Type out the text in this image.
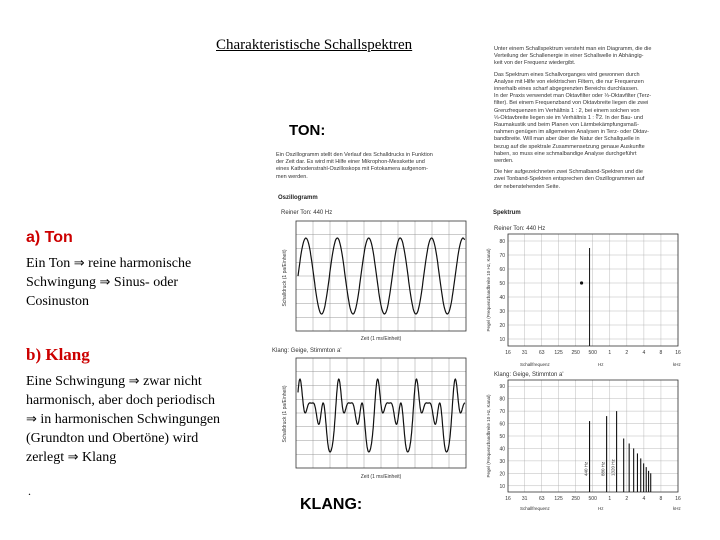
Charakteristische Schallspektren	Unter einem Schallspektrum versteht man ein Diagramm, die die
Verteilung der Schallenergie in einer Schallwelle in Abhängig-
keit von der Frequenz wiedergibt.
Das Spektrum eines Schallvorganges wird gewonnen durch
Analyse mit Hilfe von elektrischen Filtern, die nur Frequenzen
innerhalb eines scharf abgegrenzten Bereichs durchlassen.
In der Praxis verwendet man Oktavfilter oder ⅓-Oktavfilter (Terz-
filter). Bei einem Frequenzband von Oktavbreite liegen die zwei
Grenzfrequenzen im Verhältnis 1 : 2, bei einem solchen von
⅓-Oktavbreite liegen sie im Verhältnis 1 : ∛2. In der Bau- und
Raumakustik und beim Planen von Lärmbekämpfungsmaß-
nahmen genügen im allgemeinen Analysen in Terz- oder Oktav-
bandbreite. Will man aber über die Natur der Schallquelle in
bezug auf die spektrale Zusammensetzung genaue Auskunfte
haben, so muss eine schmalbandige Analyse durchgeführt
werden.
Die hier aufgezeichneten zwei Schmalband-Spektren und die
zwei Tonband-Spektren entsprechen den Oszillogrammen auf
der nebenstehenden Seite.
TON:
Ein Oszillogramm stellt den Verlauf des Schalldrucks in Funktion
der Zeit dar. Es wird mit Hilfe einer Mikrophon-Messkette und
eines Kathodenstrahl-Oszilloskops mit Fotokamera aufgenom-
men werden.
Oszillogramm
Reiner Ton: 440 Hz	Spektrum
Reiner Ton: 440 Hz
Schalldruck (1 pa/Einheit)
Zeit (1 ms/Einheit)
80
70
60
50
40
30
20
10
16 31 63 125 250 500 1	2	4	8	16
Pegel (Frequenzbandbreite 10 Hz, Kanal)
Schallfrequenz	Hz	kHz
Klang: Geige, Stimmton a'
Klang: Geige, Stimmton a'
Schalldruck (1 pa/Einheit)
Zeit (1 ms/Einheit)
90
80
70
60
50
40
30
20
10
16 31 63 125 250 500 1	2	4	8	16
440 Hz	880 Hz 1320 Hz
Pegel (Frequenzbandbreite 10 Hz, Kanal)
Schallfrequenz	Hz	kHz
a) Ton
Ein Ton ⇒ reine harmonische
Schwingung ⇒ Sinus- oder
Cosinuston
b) Klang
Eine Schwingung ⇒ zwar nicht
harmonisch, aber doch periodisch
⇒ in harmonischen Schwingungen
(Grundton und Obertöne) wird
zerlegt ⇒ Klang
.
KLANG:
